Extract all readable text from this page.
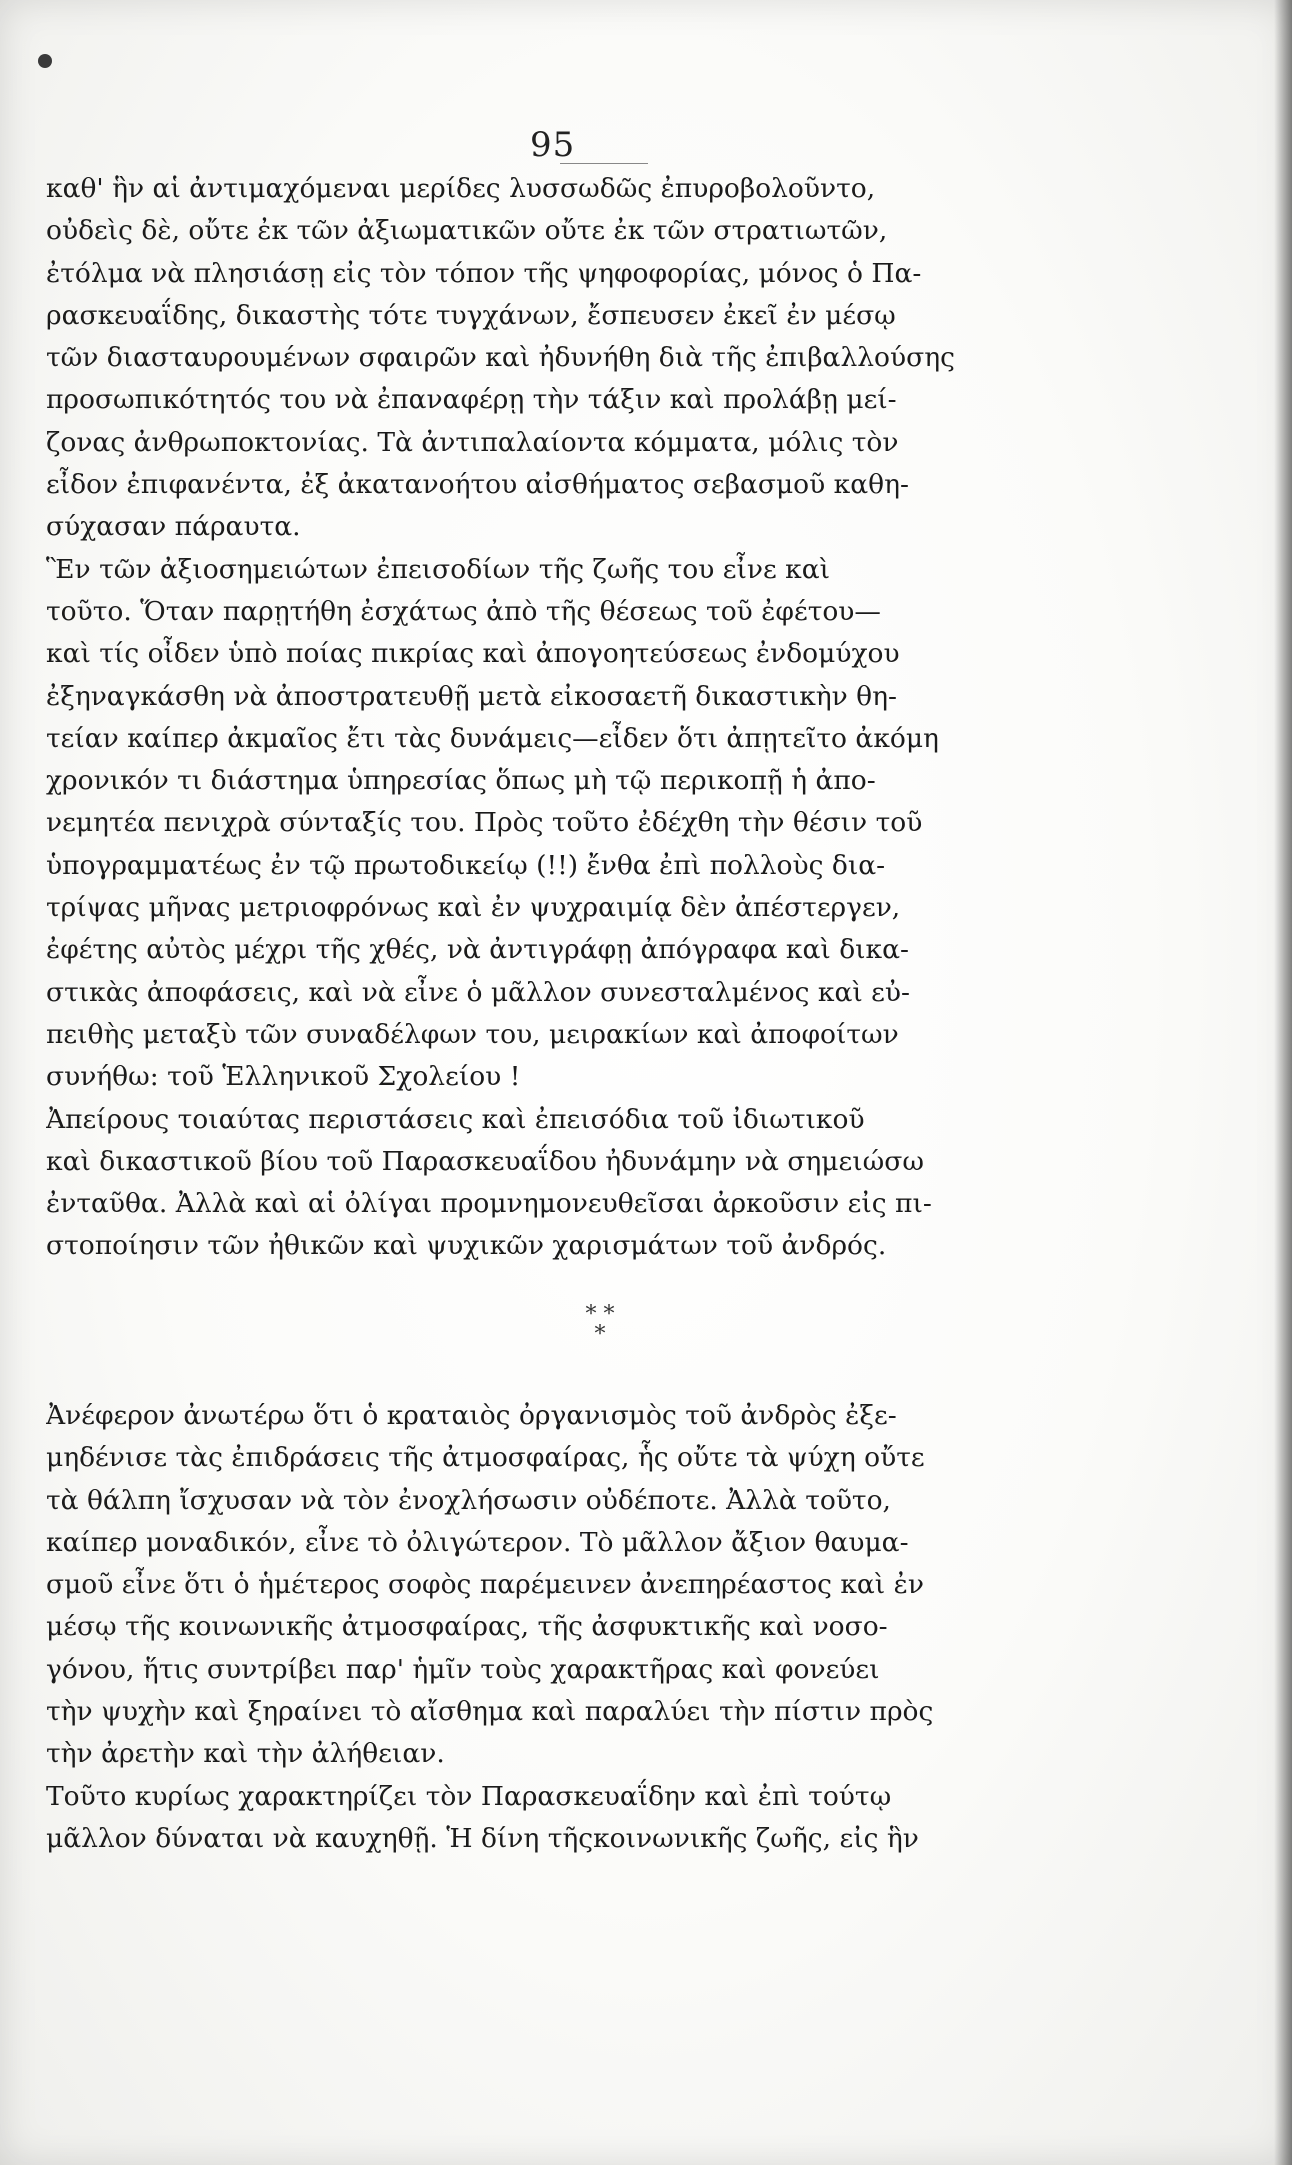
95
καθ' ἣν αἱ ἀντιμαχόμεναι μερίδες λυσσωδῶς ἐπυροβολοῦντο,
οὐδεὶς δὲ, οὔτε ἐκ τῶν ἀξιωματικῶν οὔτε ἐκ τῶν στρατιωτῶν,
ἐτόλμα νὰ πλησιάσῃ εἰς τὸν τόπον τῆς ψηφοφορίας, μόνος ὁ Πα-
ρασκευαΐδης, δικαστὴς τότε τυγχάνων, ἔσπευσεν ἐκεῖ ἐν μέσῳ
τῶν διασταυρουμένων σφαιρῶν καὶ ἠδυνήθη διὰ τῆς ἐπιβαλλούσης
προσωπικότητός του νὰ ἐπαναφέρῃ τὴν τάξιν καὶ προλάβῃ μεί-
ζονας ἀνθρωποκτονίας. Τὰ ἀντιπαλαίοντα κόμματα, μόλις τὸν
εἶδον ἐπιφανέντα, ἐξ ἀκατανοήτου αἰσθήματος σεβασμοῦ καθη-
σύχασαν πάραυτα.
Ἓν τῶν ἀξιοσημειώτων ἐπεισοδίων τῆς ζωῆς του εἶνε καὶ
τοῦτο. Ὅταν παρῃτήθη ἐσχάτως ἀπὸ τῆς θέσεως τοῦ ἐφέτου—
καὶ τίς οἶδεν ὑπὸ ποίας πικρίας καὶ ἀπογοητεύσεως ἐνδομύχου
ἐξηναγκάσθη νὰ ἀποστρατευθῇ μετὰ εἰκοσαετῆ δικαστικὴν θη-
τείαν καίπερ ἀκμαῖος ἔτι τὰς δυνάμεις—εἶδεν ὅτι ἀπῃτεῖτο ἀκόμη
χρονικόν τι διάστημα ὑπηρεσίας ὅπως μὴ τῷ περικοπῇ ἡ ἀπο-
νεμητέα πενιχρὰ σύνταξίς του. Πρὸς τοῦτο ἐδέχθη τὴν θέσιν τοῦ
ὑπογραμματέως ἐν τῷ πρωτοδικείῳ (!!) ἔνθα ἐπὶ πολλοὺς δια-
τρίψας μῆνας μετριοφρόνως καὶ ἐν ψυχραιμίᾳ δὲν ἀπέστεργεν,
ἐφέτης αὐτὸς μέχρι τῆς χθές, νὰ ἀντιγράφῃ ἀπόγραφα καὶ δικα-
στικὰς ἀποφάσεις, καὶ νὰ εἶνε ὁ μᾶλλον συνεσταλμένος καὶ εὐ-
πειθὴς μεταξὺ τῶν συναδέλφων του, μειρακίων καὶ ἀποφοίτων
συνήθω: τοῦ Ἑλληνικοῦ Σχολείου !
Ἀπείρους τοιαύτας περιστάσεις καὶ ἐπεισόδια τοῦ ἰδιωτικοῦ
καὶ δικαστικοῦ βίου τοῦ Παρασκευαΐδου ἠδυνάμην νὰ σημειώσω
ἐνταῦθα. Ἀλλὰ καὶ αἱ ὀλίγαι προμνημονευθεῖσαι ἀρκοῦσιν εἰς πι-
στοποίησιν τῶν ἠθικῶν καὶ ψυχικῶν χαρισμάτων τοῦ ἀνδρός.
* *
*
Ἀνέφερον ἀνωτέρω ὅτι ὁ κραταιὸς ὀργανισμὸς τοῦ ἀνδρὸς ἐξε-
μηδένισε τὰς ἐπιδράσεις τῆς ἀτμοσφαίρας, ἧς οὔτε τὰ ψύχη οὔτε
τὰ θάλπη ἴσχυσαν νὰ τὸν ἐνοχλήσωσιν οὐδέποτε. Ἀλλὰ τοῦτο,
καίπερ μοναδικόν, εἶνε τὸ ὀλιγώτερον. Τὸ μᾶλλον ἄξιον θαυμα-
σμοῦ εἶνε ὅτι ὁ ἡμέτερος σοφὸς παρέμεινεν ἀνεπηρέαστος καὶ ἐν
μέσῳ τῆς κοινωνικῆς ἀτμοσφαίρας, τῆς ἀσφυκτικῆς καὶ νοσο-
γόνου, ἥτις συντρίβει παρ' ἡμῖν τοὺς χαρακτῆρας καὶ φονεύει
τὴν ψυχὴν καὶ ξηραίνει τὸ αἴσθημα καὶ παραλύει τὴν πίστιν πρὸς
τὴν ἀρετὴν καὶ τὴν ἀλήθειαν.
Τοῦτο κυρίως χαρακτηρίζει τὸν Παρασκευαΐδην καὶ ἐπὶ τούτῳ
μᾶλλον δύναται νὰ καυχηθῇ. Ἡ δίνη τῆςκοινωνικῆς ζωῆς, εἰς ἣν
